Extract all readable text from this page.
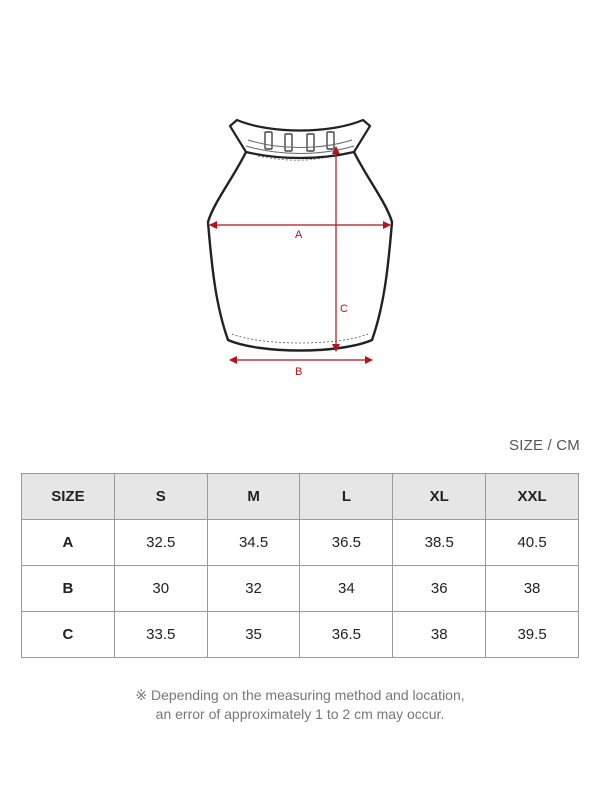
A
C
B
SIZE / CM
SIZE	S	M	L	XL	XXL
A	32.5	34.5	36.5	38.5	40.5
B	30	32	34	36	38
C	33.5	35	36.5	38	39.5
※ Depending on the measuring method and location,
an error of approximately 1 to 2 cm may occur.
